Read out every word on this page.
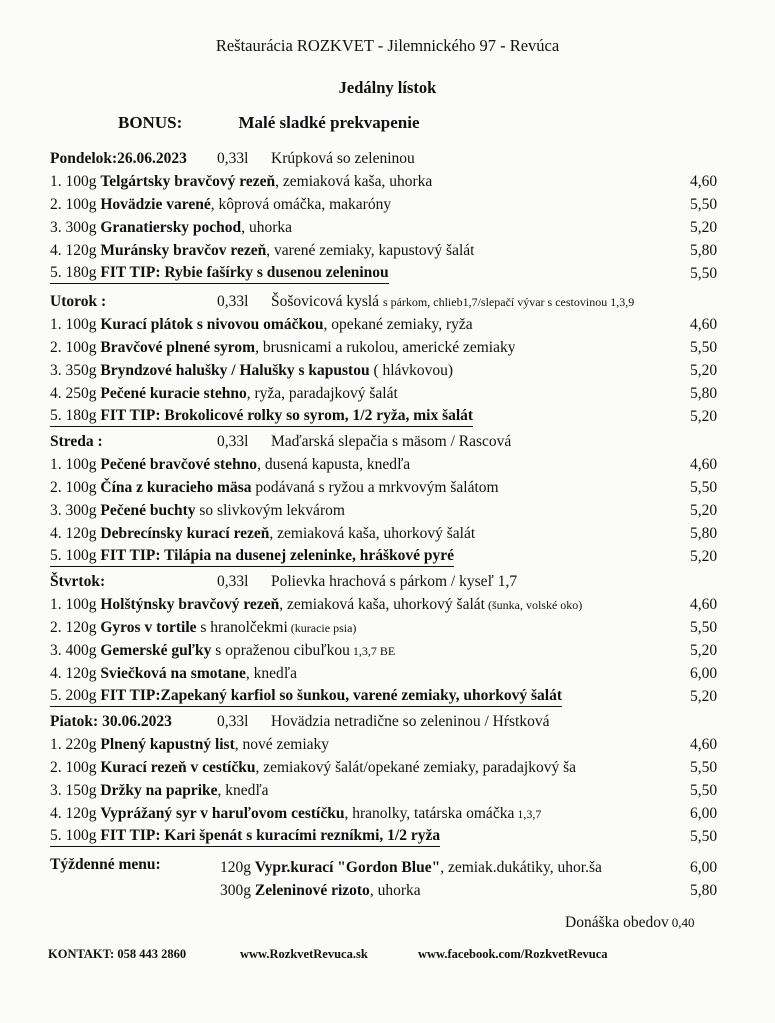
Reštaurácia ROZKVET - Jilemnického 97 - Revúca
Jedálny lístok
BONUS:	Malé sladké prekvapenie
Pondelok:26.06.2023 0,33l Krúpková so zeleninou
1. 100g Telgártsky bravčový rezeň, zemiaková kaša, uhorka	4,60
2. 100g Hovädzie varené, kôprová omáčka, makaróny	5,50
3. 300g Granatiersky pochod, uhorka	5,20
4. 120g Muránsky bravčov rezeň, varené zemiaky, kapustový šalát	5,80
5. 180g FIT TIP: Rybie fašírky s dusenou zeleninou	5,50
Utorok :	0,33l Šošovicová kyslá s párkom, chlieb1,7/slepačí vývar s cestovinou 1,3,9
1. 100g Kurací plátok s nivovou omáčkou, opekané zemiaky, ryža	4,60
2. 100g Bravčové plnené syrom, brusnicami a rukolou, americké zemiaky	5,50
3. 350g Bryndzové halušky / Halušky s kapustou ( hlávkovou)	5,20
4. 250g Pečené kuracie stehno, ryža, paradajkový šalát	5,80
5. 180g FIT TIP: Brokolicové rolky so syrom, 1/2 ryža, mix šalát	5,20
Streda :	0,33l Maďarská slepačia s mäsom / Rascová
1. 100g Pečené bravčové stehno, dusená kapusta, knedľa	4,60
2. 100g Čína z kuracieho mäsa podávaná s ryžou a mrkvovým šalátom	5,50
3. 300g Pečené buchty so slivkovým lekvárom	5,20
4. 120g Debrecínsky kurací rezeň, zemiaková kaša, uhorkový šalát	5,80
5. 100g FIT TIP: Tilápia na dusenej zeleninke, hráškové pyré	5,20
Štvrtok:	0,33l Polievka hrachová s párkom / kyseľ 1,7
1. 100g Holštýnsky bravčový rezeň, zemiaková kaša, uhorkový šalát (šunka, volské oko)	4,60
2. 120g Gyros v tortile s hranolčekmi (kuracie psia)	5,50
3. 400g Gemerské guľky s opraženou cibuľkou 1,3,7 BE	5,20
4. 120g Sviečková na smotane, knedľa	6,00
5. 200g FIT TIP:Zapekaný karfiol so šunkou, varené zemiaky, uhorkový šalát	5,20
Piatok: 30.06.2023	0,33l Hovädzia netradične so zeleninou / Hŕstková
1. 220g Plnený kapustný list, nové zemiaky	4,60
2. 100g Kurací rezeň v cestíčku, zemiakový šalát/opekané zemiaky, paradajkový ša	5,50
3. 150g Držky na paprike, knedľa	5,50
4. 120g Vyprážaný syr v haruľovom cestíčku, hranolky, tatárska omáčka 1,3,7	6,00
5. 100g FIT TIP: Kari špenát s kuracími rezníkmi, 1/2 ryža	5,50
Týždenné menu:	120g Vypr.kurací "Gordon Blue", zemiak.dukátiky, uhor.ša	6,00
300g Zeleninové rizoto, uhorka	5,80
Donáška obedov 0,40
KONTAKT: 058 443 2860	www.RozkvetRevuca.sk	www.facebook.com/RozkvetRevuca
